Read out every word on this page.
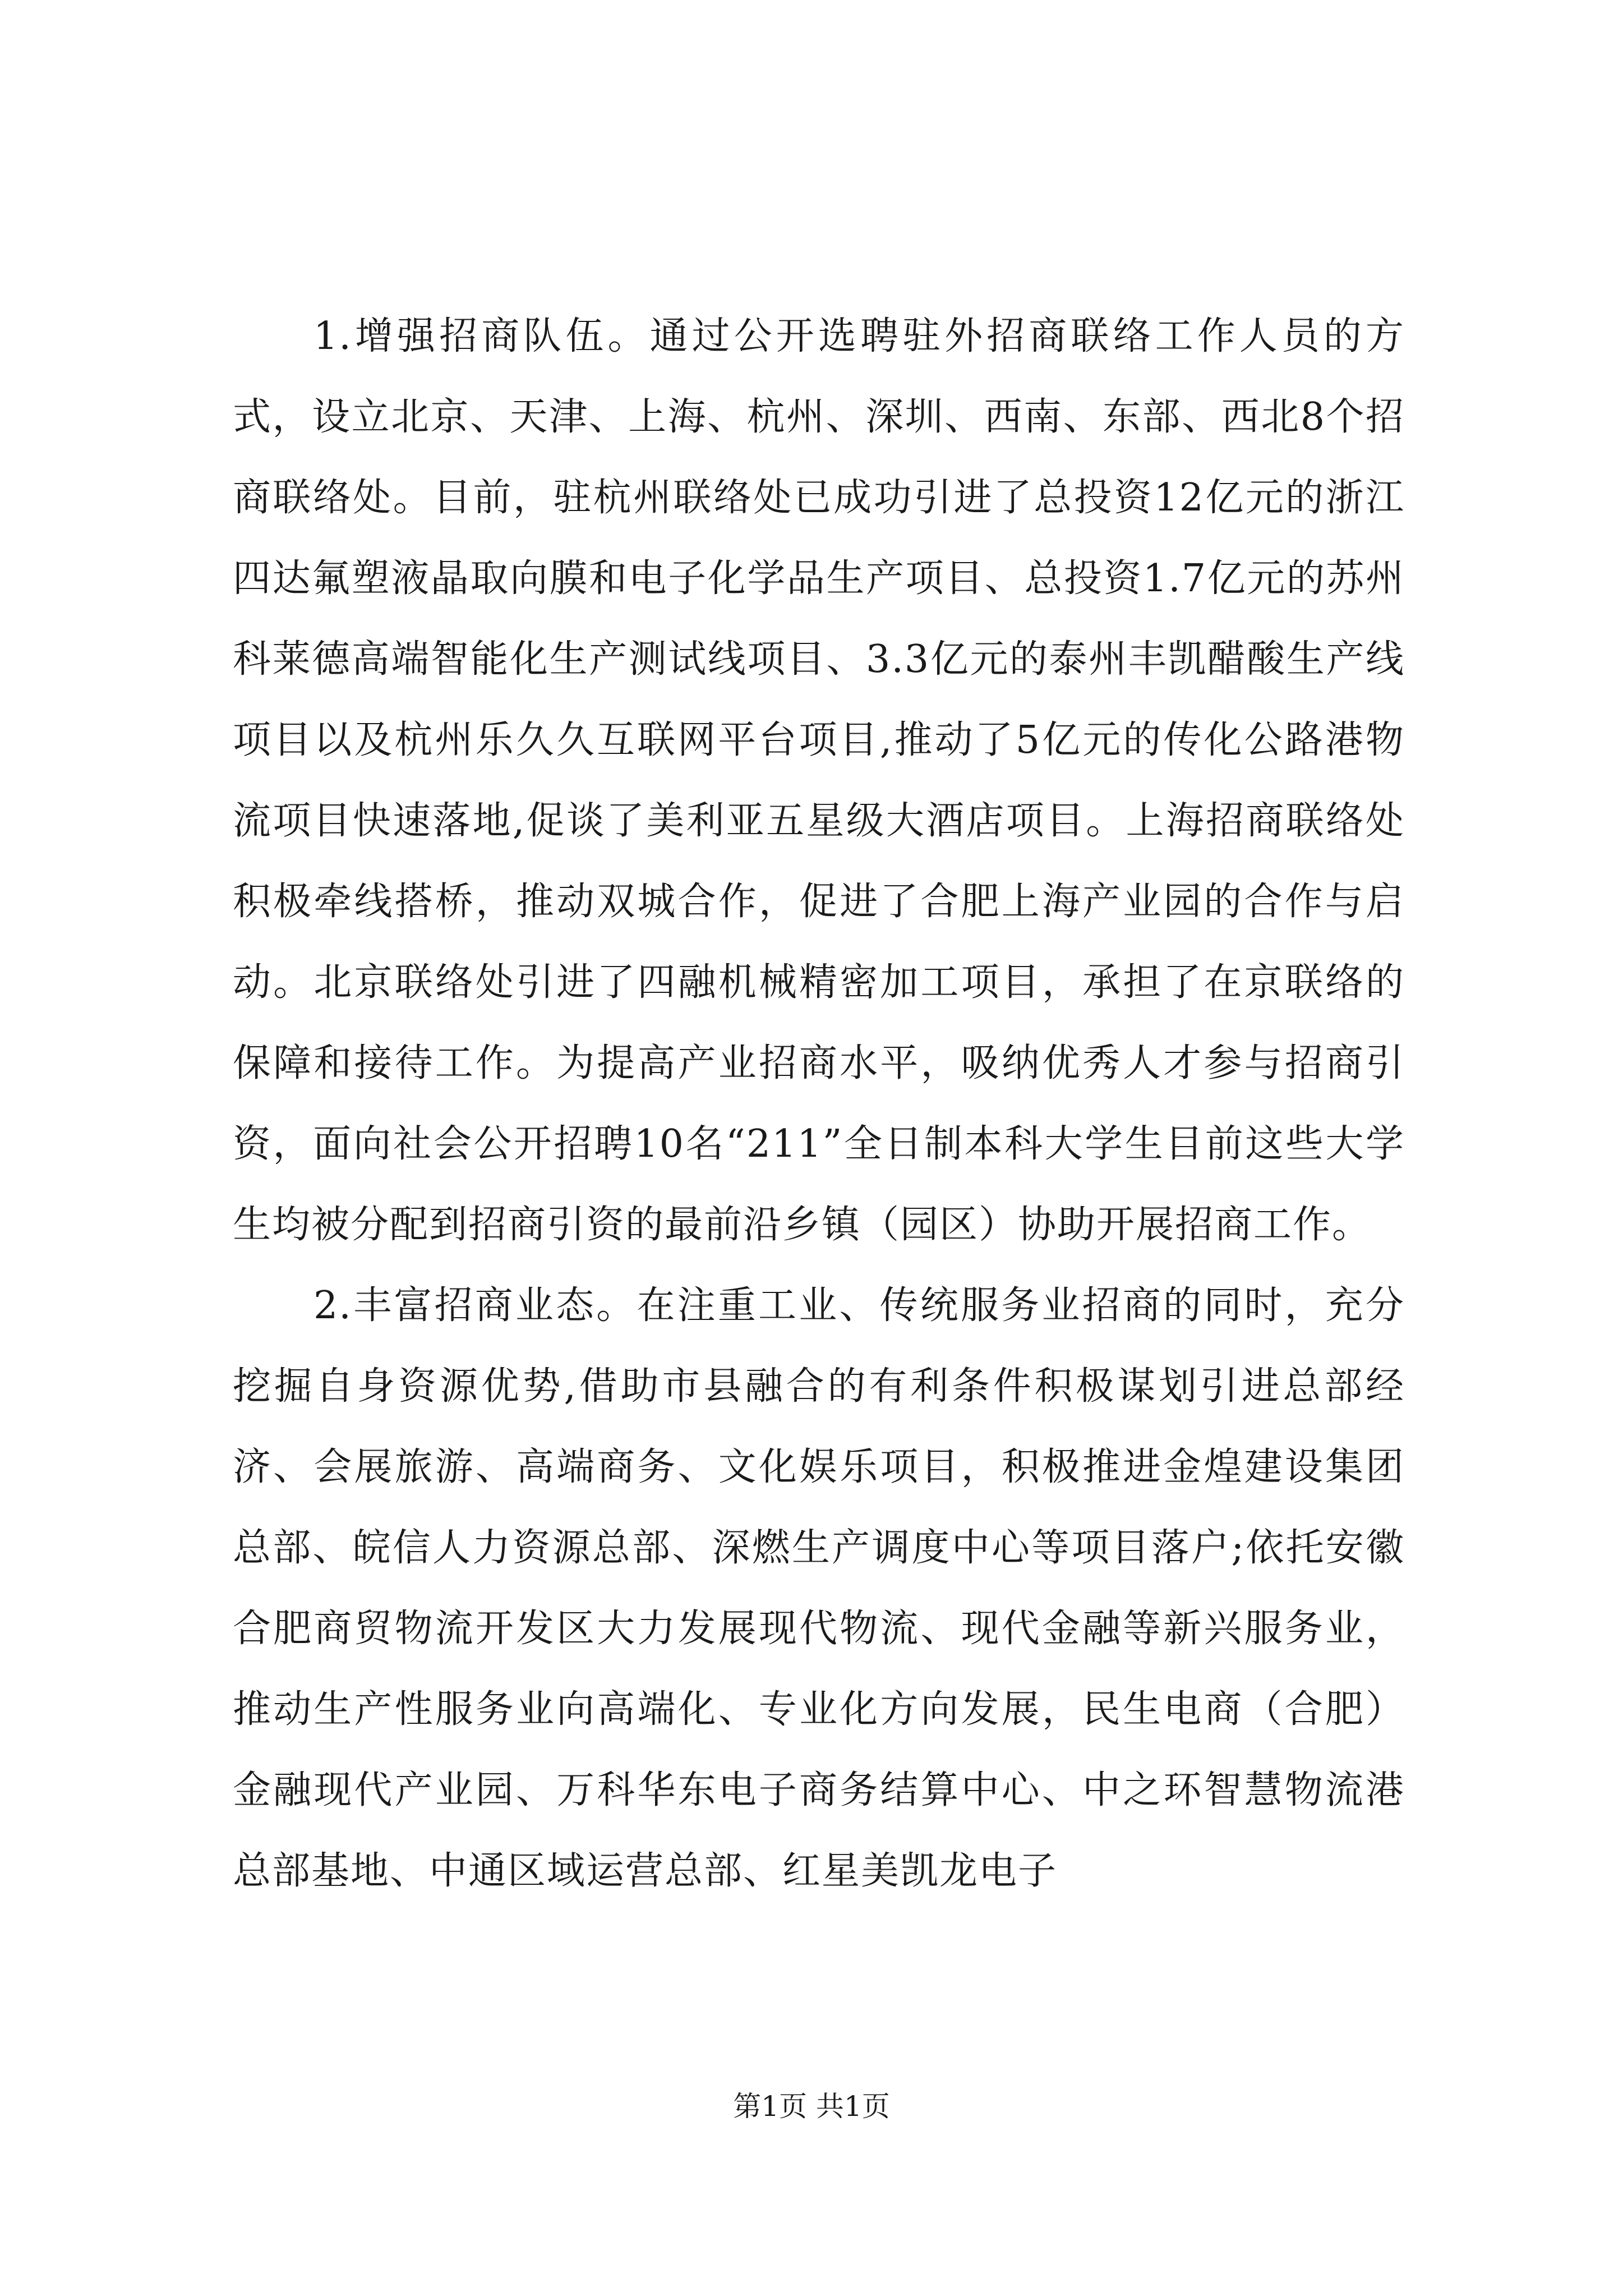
1.增强招商队伍。通过公开选聘驻外招商联络工作人员的方式，设立北京、天津、上海、杭州、深圳、西南、东部、西北8个招商联络处。目前，驻杭州联络处已成功引进了总投资12亿元的浙江四达氟塑液晶取向膜和电子化学品生产项目、总投资1.7亿元的苏州科莱德高端智能化生产测试线项目、3.3亿元的泰州丰凯醋酸生产线项目以及杭州乐久久互联网平台项目,推动了5亿元的传化公路港物流项目快速落地,促谈了美利亚五星级大酒店项目。上海招商联络处积极牵线搭桥，推动双城合作，促进了合肥上海产业园的合作与启动。北京联络处引进了四融机械精密加工项目，承担了在京联络的保障和接待工作。为提高产业招商水平，吸纳优秀人才参与招商引资，面向社会公开招聘10名“211”全日制本科大学生目前这些大学生均被分配到招商引资的最前沿乡镇（园区）协助开展招商工作。

2.丰富招商业态。在注重工业、传统服务业招商的同时，充分挖掘自身资源优势,借助市县融合的有利条件积极谋划引进总部经济、会展旅游、高端商务、文化娱乐项目，积极推进金煌建设集团总部、皖信人力资源总部、深燃生产调度中心等项目落户;依托安徽合肥商贸物流开发区大力发展现代物流、现代金融等新兴服务业，推动生产性服务业向高端化、专业化方向发展，民生电商（合肥）金融现代产业园、万科华东电子商务结算中心、中之环智慧物流港总部基地、中通区域运营总部、红星美凯龙电子

第1页 共1页
